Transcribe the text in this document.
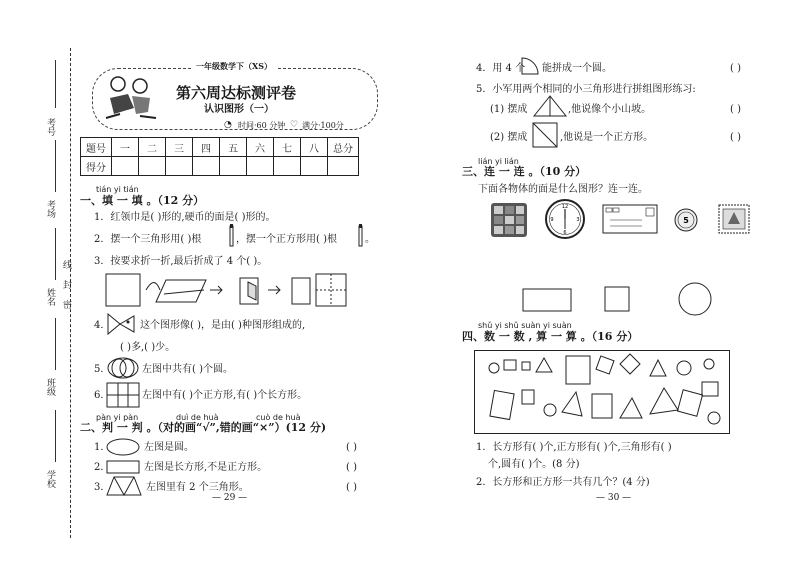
考号
考场
姓名 密
封
线
班级
学校
一年级数学下（XS）
第六周达标测评卷
认识图形（一）
◔ 时间·60 分钟 ♡ 满分·100分
题号	一	二	三	四	五	六	七	八	总分
得分									
tián yi tián
一、填 一 填 。（12 分）
1．红领巾是( )形的,硬币的面是( )形的。
2．摆一个三角形用( )根	，摆一个正方形用( )根	。
3．按要求折一折,最后折成了 4 个( )。
4．	这个图形像( )，是由( )种图形组成的,
( )多,( )少。
5．	左图中共有( )个圆。
6．	左图中有( )个正方形,有( )个长方形。
pàn yi pàn	duì de huà	cuò de huà
二、判 一 判 。（对的画“√”,错的画“×”）(12 分)
1．	左图是圆。	( )
2．	左图是长方形,不是正方形。	( )
3．	左图里有 2 个三角形。	( )
— 29 —
4．用 4 个 能拼成一个圆。	( )
5．小军用两个相同的小三角形进行拼组图形练习:
(1) 摆成	,他说像个小山坡。	( )
(2) 摆成	,他说是一个正方形。	( )
lián yi lián
三、连 一 连 。（10 分）
下面各物体的面是什么图形？连一连。
12
3
6
9	5
shǔ yi shǔ suàn yi suàn
四、数 一 数 , 算 一 算 。（16 分）
1．长方形有( )个,正方形有( )个,三角形有( )
个,圆有( )个。(8 分)
2．长方形和正方形一共有几个？(4 分)
— 30 —
